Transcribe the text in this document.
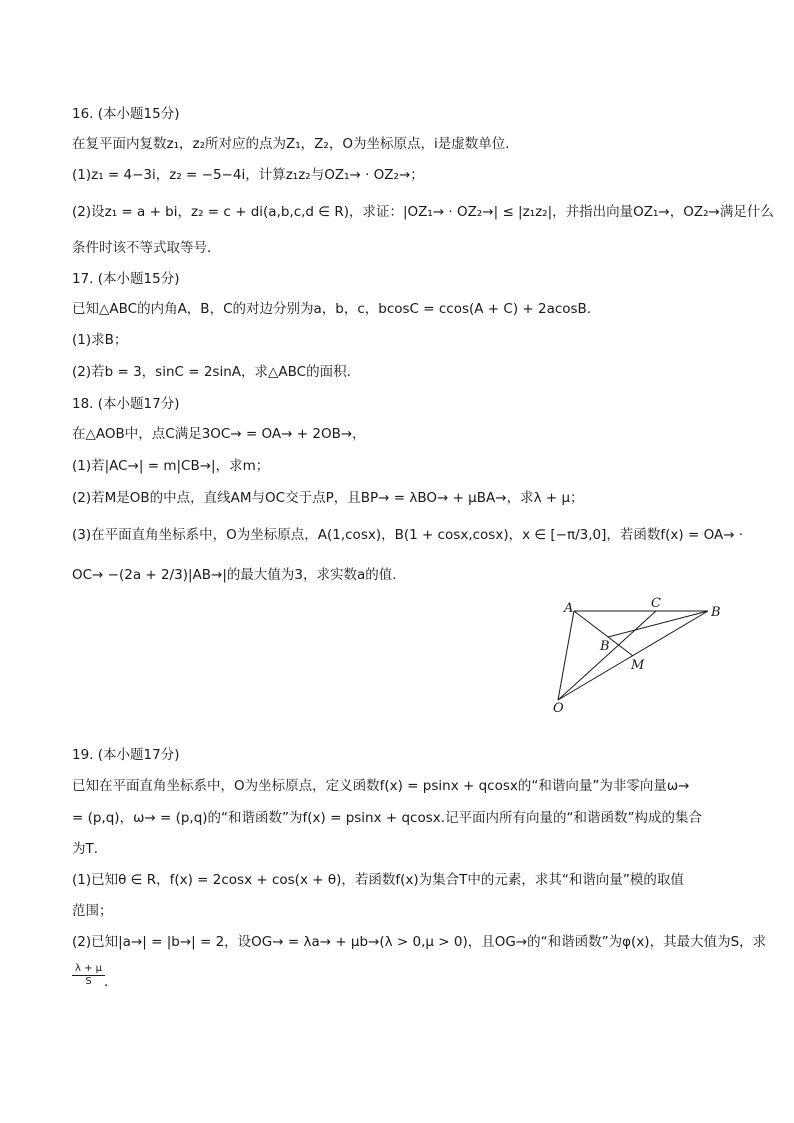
16. (本小题15分)
在复平面内复数z₁，z₂所对应的点为Z₁，Z₂，O为坐标原点，i是虚数单位．
(1)z₁ = 4−3i，z₂ = −5−4i，计算z₁z₂与OZ₁→ · OZ₂→；
(2)设z₁ = a + bi，z₂ = c + di(a,b,c,d ∈ R)，求证：|OZ₁→ · OZ₂→| ≤ |z₁z₂|，并指出向量OZ₁→，OZ₂→满足什么
条件时该不等式取等号．
17. (本小题15分)
已知△ABC的内角A，B，C的对边分别为a，b，c，bcosC = ccos(A + C) + 2acosB．
(1)求B；
(2)若b = 3，sinC = 2sinA，求△ABC的面积．
18. (本小题17分)
在△AOB中，点C满足3OC→ = OA→ + 2OB→，
(1)若|AC→| = m|CB→|，求m；
(2)若M是OB的中点，直线AM与OC交于点P，且BP→ = λBO→ + μBA→，求λ + μ；
(3)在平面直角坐标系中，O为坐标原点，A(1,cosx)，B(1 + cosx,cosx)，x ∈ [−π/3,0]，若函数f(x) = OA→ ·
OC→ −(2a + 2/3)|AB→|的最大值为3，求实数a的值．
A	C
B
B
M
O
19. (本小题17分)
已知在平面直角坐标系中，O为坐标原点，定义函数f(x) = psinx + qcosx的“和谐向量”为非零向量ω→
= (p,q)，ω→ = (p,q)的“和谐函数”为f(x) = psinx + qcosx.记平面内所有向量的“和谐函数”构成的集合
为T．
(1)已知θ ∈ R，f(x) = 2cosx + cos(x + θ)，若函数f(x)为集合T中的元素，求其“和谐向量”模的取值
范围；
(2)已知|a→| = |b→| = 2，设OG→ = λa→ + μb→(λ > 0,μ > 0)，且OG→的“和谐函数”为φ(x)，其最大值为S，求
$\frac{\lambda + \mu}{S}$
．
